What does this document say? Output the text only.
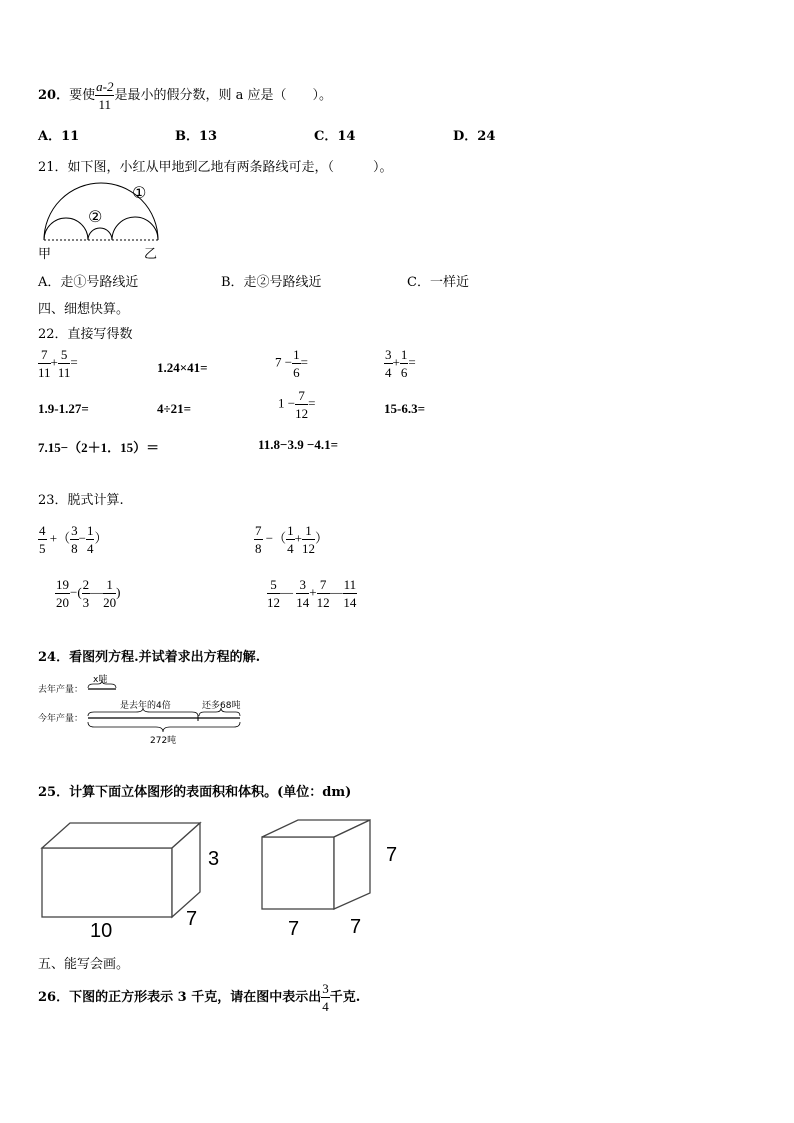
20．要使 $\frac{a-2}{11}$ 是最小的假分数，则 a 应是（　　）。
A．11	B．13	C．14	D．24
21．如下图，小红从甲地到乙地有两条路线可走，（　　　）。
①
②
甲	乙
A．走①号路线近	B．走②号路线近	C．一样近
四、细想快算。
22．直接写得数
$\frac{7}{11} + \frac{5}{11}$ =	1.24×41=	$7 - \frac{1}{6}$ =	$\frac{3}{4} + \frac{1}{6}$ =
1.9-1.27=	4÷21=	$1 - \frac{7}{12}$ =	15-6.3=
7.15−（2＋1．15）＝	11.8−3.9 −4.1=
23．脱式计算.
$\frac{4}{5}$ +（ $\frac{3}{8} - \frac{1}{4}$ ）	$\frac{7}{8}$ −（ $\frac{1}{4} + \frac{1}{12}$ ）
$\frac{19}{20}$ −( $\frac{2}{3}$ — $\frac{1}{20}$ )	$\frac{5}{12}$ — $\frac{3}{14} + \frac{7}{12}$ — $\frac{11}{14}$
24．看图列方程.并试着求出方程的解.
去年产量：
x吨
今年产量：
是去年的4倍	还多68吨
272吨
25．计算下面立体图形的表面积和体积。(单位：dm)
3
7
10
7
7	7
五、能写会画。
26．下图的正方形表示 3 千克，请在图中表示出 $\frac{3}{4}$ 千克.
